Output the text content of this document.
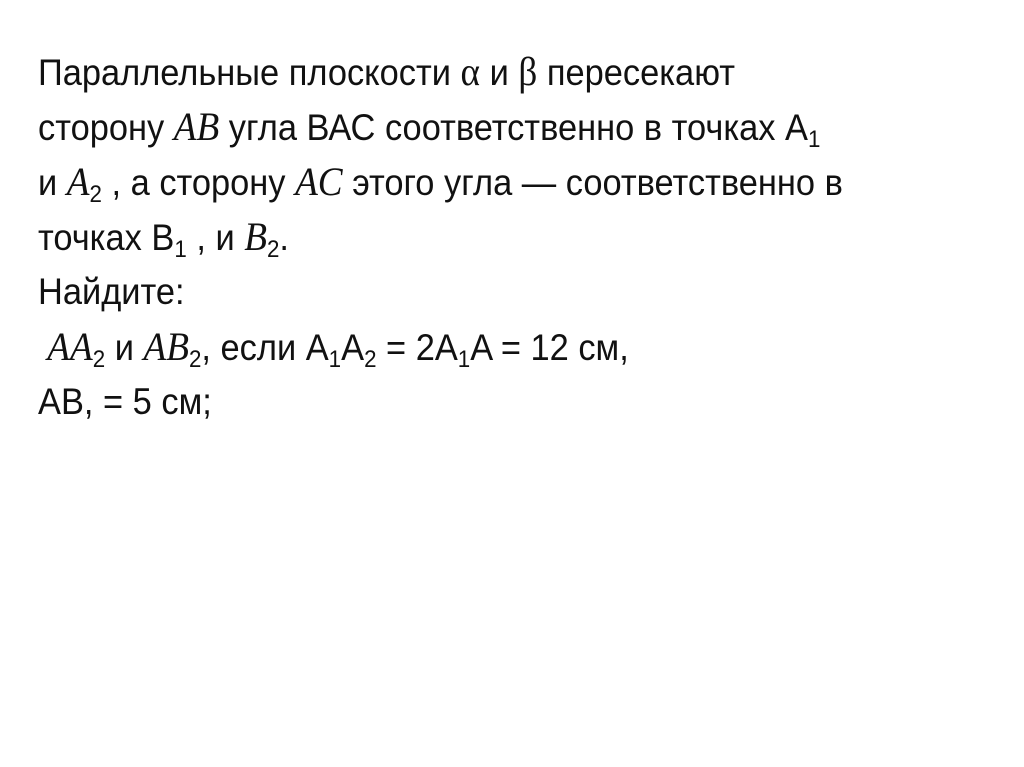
Параллельные плоскости α и β пересекают
сторону AB угла ВАС соответственно в точках $A_1$
и $A_2$ , а сторону AC этого угла — соответственно в
точках $B_1$ , и $B_2$.
Найдите:
$AA_2$ и $AB_2$, если $A_1A_2 = 2A_1A = 12$ см,
AB, = 5 см;
